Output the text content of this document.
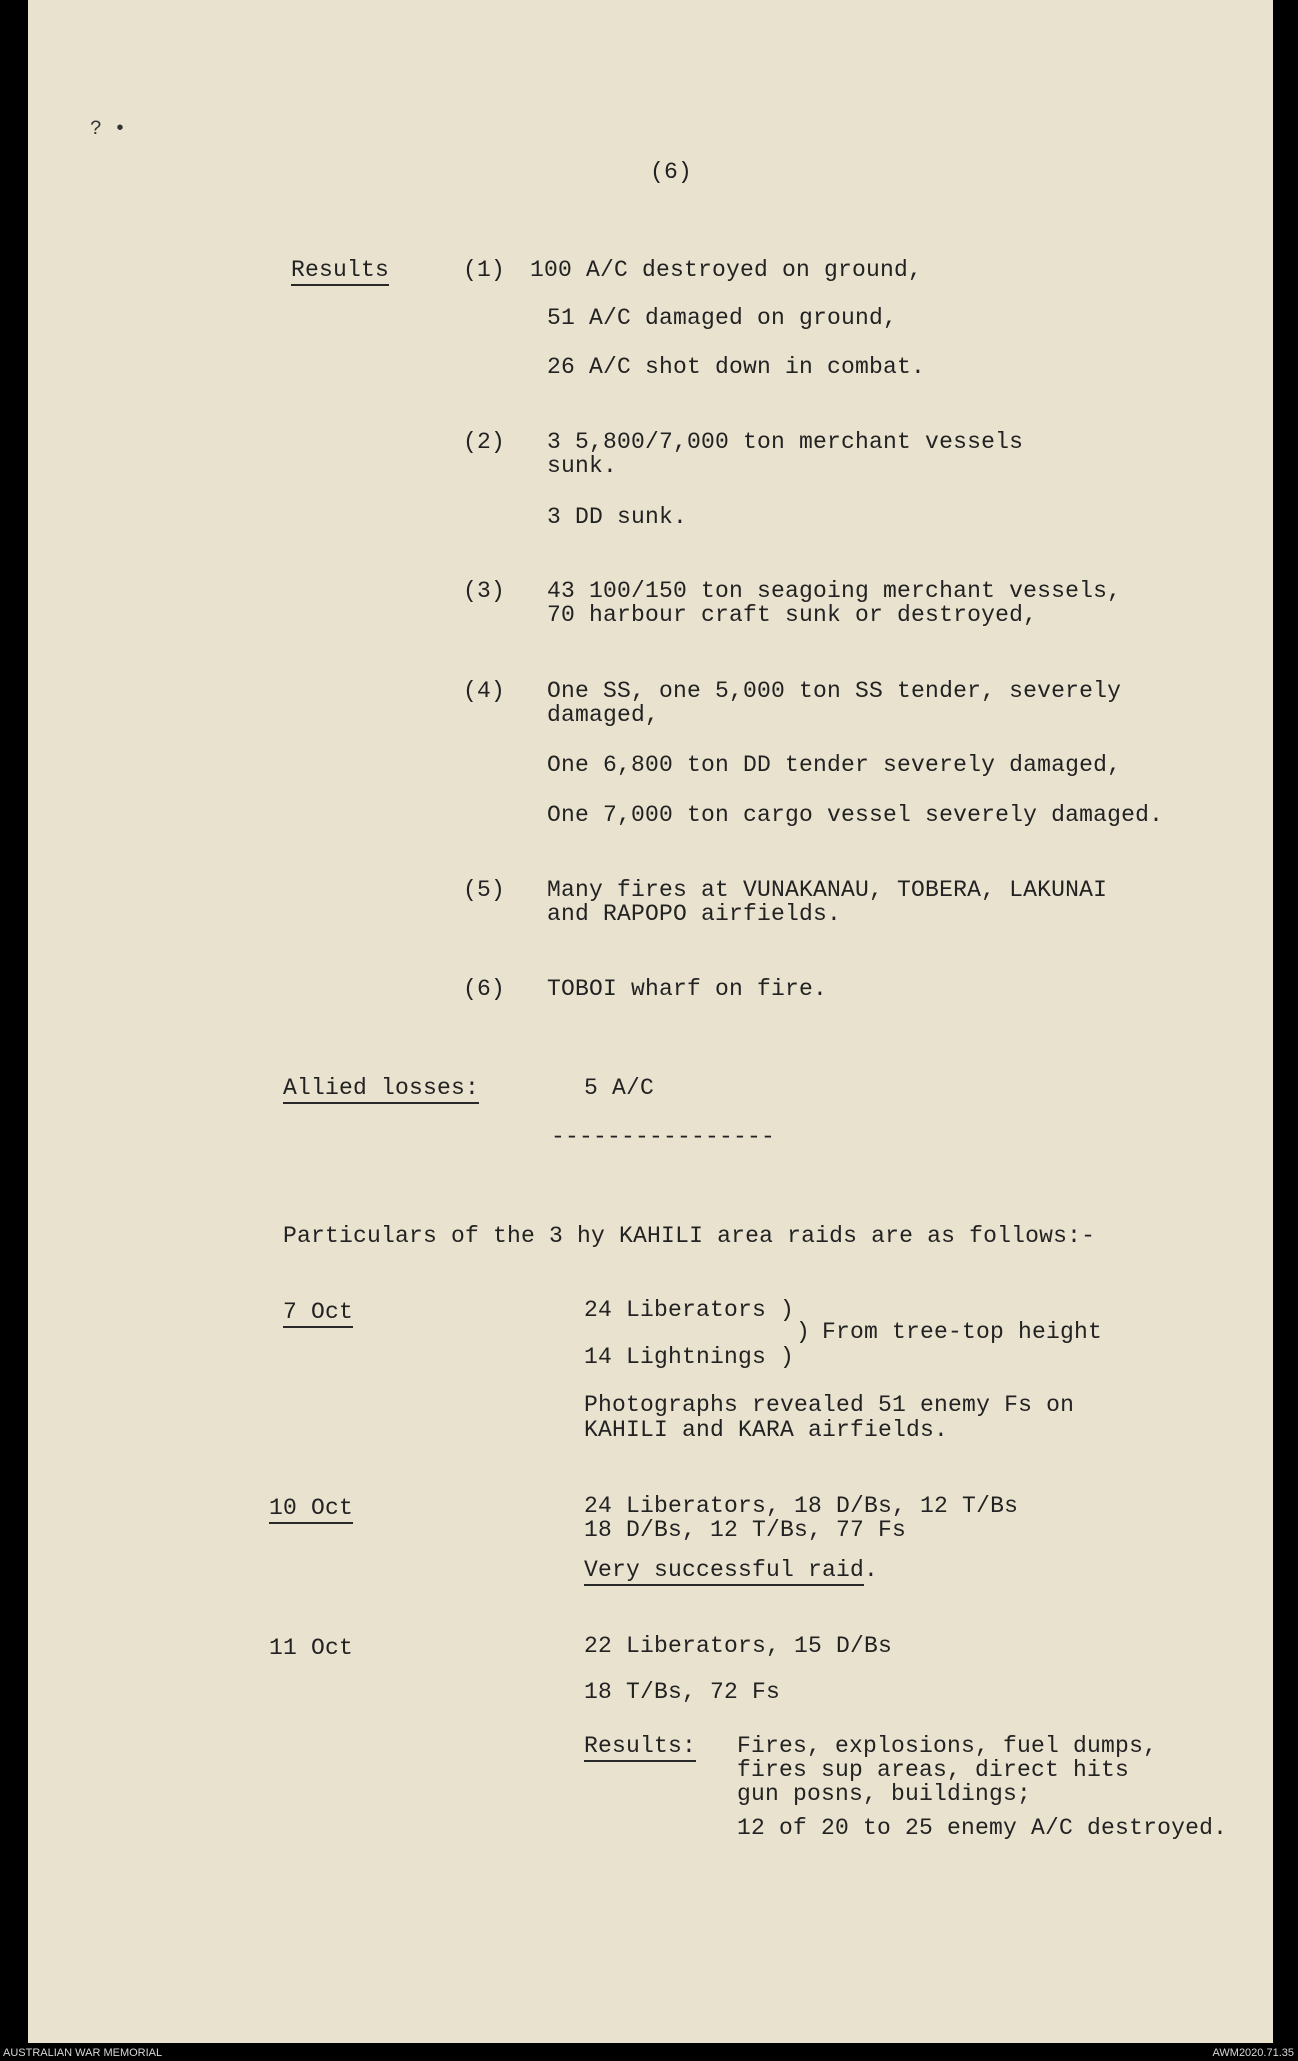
? •
(6)
Results	(1) 100 A/C destroyed on ground,
51 A/C damaged on ground,
26 A/C shot down in combat.
(2) 3 5,800/7,000 ton merchant vessels
sunk.
3 DD sunk.
(3) 43 100/150 ton seagoing merchant vessels,
70 harbour craft sunk or destroyed,
(4) One SS, one 5,000 ton SS tender, severely
damaged,
One 6,800 ton DD tender severely damaged,
One 7,000 ton cargo vessel severely damaged.
(5) Many fires at VUNAKANAU, TOBERA, LAKUNAI
and RAPOPO airfields.
(6) TOBOI wharf on fire.
Allied losses:	5 A/C
----------------
Particulars of the 3 hy KAHILI area raids are as follows:-
7 Oct	24 Liberators )
) From tree-top height
14 Lightnings )
Photographs revealed 51 enemy Fs on
KAHILI and KARA airfields.
10 Oct	24 Liberators, 18 D/Bs, 12 T/Bs
18 D/Bs, 12 T/Bs, 77 Fs
Very successful raid.
11 Oct	22 Liberators, 15 D/Bs
18 T/Bs, 72 Fs
Results: Fires, explosions, fuel dumps,
fires sup areas, direct hits
gun posns, buildings;
12 of 20 to 25 enemy A/C destroyed.
AUSTRALIAN WAR MEMORIAL	AWM2020.71.35
